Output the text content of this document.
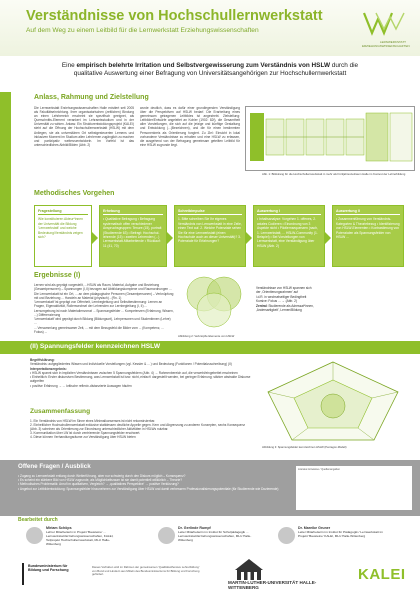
Verständnisse von Hochschullernwerkstatt
Auf dem Weg zu einem Leitbild für die Lernwerkstatt Erziehungswissenschaften
LERNWERKSTATT ERZIEHUNGSWISSENSCHAFTEN
Eine empirisch belehrte Irritation und Selbstvergewisserung zum Verständnis von HSLW durch die
qualitative Auswertung einer Befragung von Universitätsangehörigen zur Hochschullernwerkstatt
Anlass, Rahmung und Zielstellung
Die Lernwerkstatt Erziehungswissenschaften Halle existiert seit 2005 als Fakultätseinrichtung. Ihrer organisatorischen (zeitlichen) Bindung an einen Lehrbereich erscheint sie spezifisch geeignet, als Querschnitts-Element verankert im Lehramtsstudium und in der Universität zu wirken. Anlass: Ein Strukturentwicklungsprojekt (KALEI) steht auf die Öffnung der Hochschullernwerkstatt (HSLW) mit dem Anliegen, sie als universitären Ort selbstgesteuerten Lernens und inklusiven Moment im Studium allen Lehrlernen zugänglich zu machen und partizipativ weiterzuentwickeln. Im Vorfeld ist das unterschiedliches Abbild/Bilden (Abb. 2)
wurde deutlich, dass es dafür einer grundlegenden Verständigung über die Perspektiven auf HSLW bedarf. Die Erarbeitung eines gemeinsam getragenen Leitbildes ist angestrebt. Zielstellung: Leitbilder/Entwürfe angeleitet an Kohler (1902: 82f), die Gesamtheit aller Vorstellungen, die sich auf die jetzige und künftige Gestaltung und Entwicklung (...(Bezeichnen), und die für einen bestimmten Personenkreis als Orientierung fungiert. Zu Ziel: Einsicht in lokal vorhandene Verständnisse zu erhalten und eine HSLW zu erfassen, die ausgehend von der Befragung gemeinsam geteilten Leitbild für eine HSLW zugrunde liegt.
Abb. 1: Bildstrang für die Hochschullernwerkstatt in mehr als Fünfjahreszeitraum Halle im Kontext der Lehrerbildung
Methodisches Vorgehen
Fragestellung
Wie konstituieren Akteur*innen der Universität die Bildung 'Lernwerkstatt' und welche Bedeutung/Verständnis zeigen sich?
Erhebung
• Qualitative Befragung • Befragung systematisch offen verschiedener Anspruchsgruppen: Tenure (15), portrait (Studierende 63) • Befragt: Hochschul-lehrende (15) • zweiten Lehrenden (...) Lernwerkstatt-Mitarbeitende • Rücklauf: 11 (41, 70)
Schreibimpulse
1. Bitte schreiben Sie Ihr eigenes Verständnis von Lernwerkstatt in eine Zeile, einen Text auf. 2. Welche Potenziale sehen Sie für eine Lernwerkstatt (einen Hochschule auch an dieser Universität)? 3. Potenziale für Erfahrungen?
Auswertung I
• Inhaltsanalyse: Vorgehen 1. offenes, 2. axiales Codieren • Einordnung von 3 Aspekte nicht • Pilotlernsequenzen (nach, 1. Lernwerkstatt, ... HSLW-Community (1. Beispiel) • Bei Vorstellungen von Lernwerkstatt, eine Verständigung über HSLW (Abb. 2)
Auswertung II
• Zusammenführung von Verständnis-Kategorien & Theoriebezug • Identifizierung von HSLW-Elementen • Kontrastierung von Potenzialen als Spannungsfelder von HSLW ...
Ergebnisse (I)
Lernen wird als geprägt vorgestellt, ...HSLW als Raum, Material, Aufgabe und Beziehung (Gesamtpersonen) – Spannungen (I,II) bezogen auf Abbildungskomplexe und Raumordnungen ...
Die Lernwerkstatt ist ein Ort, ... an dem pädagogische Personen (Gesamtpersonen) – Verknüpfung mit und Beziehung ... Handeln an Material (physisch) - (Rn. 1)
'Lernwerkstatt' ist geprägt von Offenheit, Lernbegleitung und Selbstbestimmung: Lernen an Fragen, Eigenaktivität, Rollenwechsel der Lehrenden zur Lernbegleitung (I, II) ...
Lernumgebung ist nach Materialienvorrat ... Spannungsfelder ... Kompetenzen (Erfahrung, Wissen, ...) Differenzierung
'Lernwerkstatt' wird geprägt durch Bildung (Bildungsort), Lehrpersonen und Studentinnen (Lehre) ...
... Versammlung gemeinsamer Zeit, ... mit dem Bezugsfeld die Bilder vom ... (Kompetenz, ... Fokus) ...
Abbildung 2: Verknüpfte Elemente von HSLW
Verständnisse von HSLW spannen sich
der ‚Orientierungsrahmen' auf
i.d.R. in wechselseitiger Bedingtheit
Kursive: Fokus ... → (Abb. 2)
Zentral: Studierende als Adressat*innen,
‚Andersartigkeit', Lernen/Bildung
(II) Spannungsfelder kennzeichnen HSLW
Begriffsklärung:
Verständnis: aufgegliedertes Wissen und Individuelle Vorstellungen (vgl. Kessler & ... ) und Bedeutung (Funktionen / Potentialzuschreibung) (II)
Interpretationsergebnis:
• HSLW spannt sich in impliziten Verständnissen zwischen 5 Spannungsfeldern (Abb. 4) → Rahmenbereich auf, die verwebt/eingebettet erscheinen
• Einheitlich: Erster diskursiven Bestimmung, was Lernwerkstatt ist bzw. nicht ‚einfach' dargestellt werden, bei geringer Erfahrung; stärker abstrakte Diskurse aufgreifen
• positive Erfahrung → ... kritische reflexiv-distanzierte Aussagen häufen
Abbildung 3: Spannungsfelder kennzeichnen HSLW (Pentagon-Modell)
Zusammenfassung
1. Ein Verständnis von HSLW im Sinne eines Minimalkonsenses ist nicht rekonstruierbar.
2. Einheitlicher Hochschullernwerkstatt exklusive stattdessen deutliche Appelle gegen. Kern und Abgrenzung zu anderen Konzepten, sechs Konsequenz (Abb. 3) scheinen als Orientierung zur Einordnung unterschiedlicher Aktivitäten in HSLWs nutzbar.
3. Kommunikation über LW ist durch zentrierende Spannungsfelder erschwert.
4. Diese können Verhandlungsräume zur Verständigung über HSLW bieten
Offene Fragen / Ausblick
• Zugang zu Lernwerkstatt entlang durch Weiterführung, aber nur schwierig durch den Diskurs möglich – Konsequenz?
• Es scheint ein stärkere Bild von HSLW zugrunde, als Möglichkeitsraum ist sie damit potentiell willkürlich – Theorie?
• Methodisches Problematik: Anruf im qualitativen, Vergleich? → ‚qualitatives Perspektive' → positive Verkürzung?
• Angebot zur Leitbildentwicklung: Spannungsfelder hinzunehmen zur Verständigung über HSLW und damit verbessern Professionalisierungspotentiale (für Studierende wie Dozierende)
Literatur-Hinweise / Quellenangaben
Bearbeitet durch
Miriam Schöps
Lehrer Mitarbeiterin in Projekt 'Bausteine' ... Lernwerkstatt Erziehungswissenschaften, KALEI, Teilprojekt Hochschullernwerkstatt, MLU Halle-Wittenberg
Dr. Gerlinde Rumpf
Leiter Mitarbeiterin im Institut für Schulpädagogik ... Lernwerkstatt Erziehungswissenschaften, MLU Halle-Wittenberg
Dr. Mareike Gruner
Leiter Mitarbeiterin im Institut für Pädagogik / Lernwerkstatt im Projekt 'Bausteine' KALEI, MLU Halle-Wittenberg
Bundesministerium für Bildung und Forschung
Dieses Vorhaben wird im Rahmen der gemeinsamen 'Qualitätsoffensive Lehrerbildung' von Bund und Ländern aus Mitteln des Bundesministeriums für Bildung und Forschung gefördert.
MARTIN-LUTHER-UNIVERSITÄT HALLE-WITTENBERG
KALEI
